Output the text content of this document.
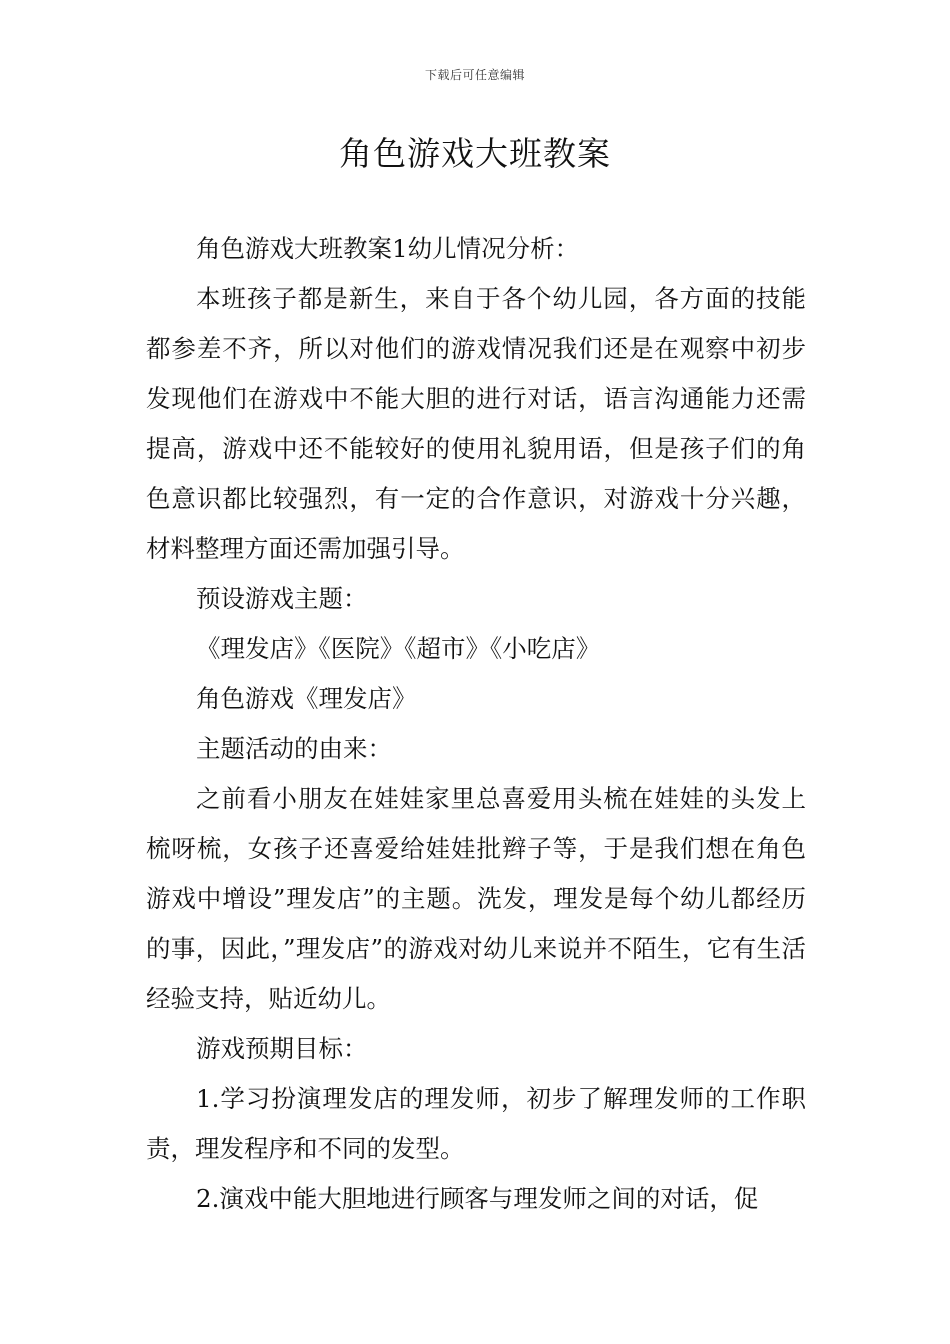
下载后可任意编辑
角色游戏大班教案

角色游戏大班教案1幼儿情况分析：

本班孩子都是新生，来自于各个幼儿园，各方面的技能都参差不齐，所以对他们的游戏情况我们还是在观察中初步发现他们在游戏中不能大胆的进行对话，语言沟通能力还需提高，游戏中还不能较好的使用礼貌用语，但是孩子们的角色意识都比较强烈，有一定的合作意识，对游戏十分兴趣，材料整理方面还需加强引导。

预设游戏主题：

《理发店》《医院》《超市》《小吃店》

角色游戏《理发店》

主题活动的由来：

之前看小朋友在娃娃家里总喜爱用头梳在娃娃的头发上梳呀梳，女孩子还喜爱给娃娃批辫子等，于是我们想在角色游戏中增设”理发店”的主题。洗发，理发是每个幼儿都经历的事，因此，”理发店”的游戏对幼儿来说并不陌生，它有生活经验支持，贴近幼儿。

游戏预期目标：

1.学习扮演理发店的理发师，初步了解理发师的工作职责，理发程序和不同的发型。

2.演戏中能大胆地进行顾客与理发师之间的对话，促
